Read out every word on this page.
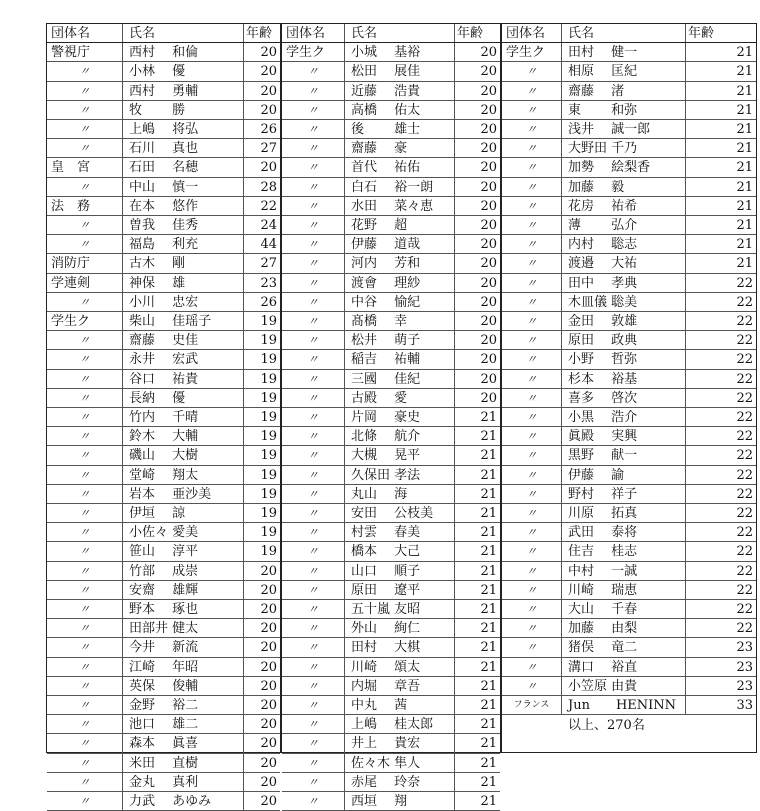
団体名	氏名	年齢
警視庁	西村　 和倫	20
〃	小林　 優	20
〃	西村　 勇輔	20
〃	牧　　 勝	20
〃	上嶋　 将弘	26
〃	石川　 真也	27
皇　宮	石田　 名穂	20
〃	中山　 慎一	28
法　務	在本　 悠作	22
〃	曽我　 佳秀	24
〃	福島　 利充	44
消防庁	古木　 剛	27
学連剣	神保　 雄	23
〃	小川　 忠宏	26
学生ク	柴山　 佳瑶子	19
〃	齋藤　 史佳	19
〃	永井　 宏武	19
〃	谷口　 祐貴	19
〃	長納　 優	19
〃	竹内　 千晴	19
〃	鈴木　 大輔	19
〃	磯山　 大樹	19
〃	堂崎　 翔太	19
〃	岩本　 亜沙美	19
〃	伊垣　 諒	19
〃	小佐々 愛美	19
〃	笹山　 淳平	19
〃	竹部　 成崇	20
〃	安齋　 雄輝	20
〃	野本　 琢也	20
〃	田部井 健太	20
〃	今井　 新流	20
〃	江崎　 年昭	20
〃	英保　 俊輔	20
〃	金野　 裕二	20
〃	池口　 雄二	20
〃	森本　 眞喜	20
〃	米田　 直樹	20
〃	金丸　 真利	20
〃	力武　 あゆみ	20
団体名	氏名	年齢
学生ク	小城　 基裕	20
〃	松田　 展佳	20
〃	近藤　 浩貴	20
〃	高橋　 佑太	20
〃	後　　 雄士	20
〃	齋藤　 豪	20
〃	首代　 祐佑	20
〃	白石　 裕一朗	20
〃	水田　 菜々恵	20
〃	花野　 超	20
〃	伊藤　 道哉	20
〃	河内　 芳和	20
〃	渡會　 理紗	20
〃	中谷　 愉紀	20
〃	髙橋　 幸	20
〃	松井　 萌子	20
〃	稲吉　 祐輔	20
〃	三國　 佳紀	20
〃	古殿　 愛	20
〃	片岡　 豪史	21
〃	北條　 航介	21
〃	大槻　 晃平	21
〃	久保田 孝法	21
〃	丸山　 海	21
〃	安田　 公枝美	21
〃	村雲　 春美	21
〃	橋本　 大己	21
〃	山口　 順子	21
〃	原田　 遼平	21
〃	五十嵐 友昭	21
〃	外山　 絢仁	21
〃	田村　 大棋	21
〃	川崎　 頌太	21
〃	内堀　 章吾	21
〃	中丸　 茜	21
〃	上嶋　 桂太郎	21
〃	井上　 貴宏	21
〃	佐々木 隼人	21
〃	赤尾　 玲奈	21
〃	西垣　 翔	21
団体名	氏名	年齢
学生ク	田村　 健一	21
〃	相原　 匡紀	21
〃	齋藤　 渚	21
〃	東　　 和弥	21
〃	浅井　 誠一郎	21
〃	大野田 千乃	21
〃	加勢　 絵梨香	21
〃	加藤　 毅	21
〃	花房　 祐希	21
〃	薄　　 弘介	21
〃	内村　 聡志	21
〃	渡邉　 大祐	21
〃	田中　 孝典	22
〃	木皿儀 聡美	22
〃	金田　 敦雄	22
〃	原田　 政典	22
〃	小野　 哲弥	22
〃	杉本　 裕基	22
〃	喜多　 啓次	22
〃	小黒　 浩介	22
〃	眞殿　 実興	22
〃	黒野　 献一	22
〃	伊藤　 諭	22
〃	野村　 祥子	22
〃	川原　 拓真	22
〃	武田　 泰将	22
〃	住吉　 桂志	22
〃	中村　 一誠	22
〃	川崎　 瑞恵	22
〃	大山　 千春	22
〃	加藤　 由梨	22
〃	猪俣　 竜二	23
〃	溝口　 裕直	23
〃	小笠原 由貴	23
フランス	Jun　　HENINN	33
以上、270名
